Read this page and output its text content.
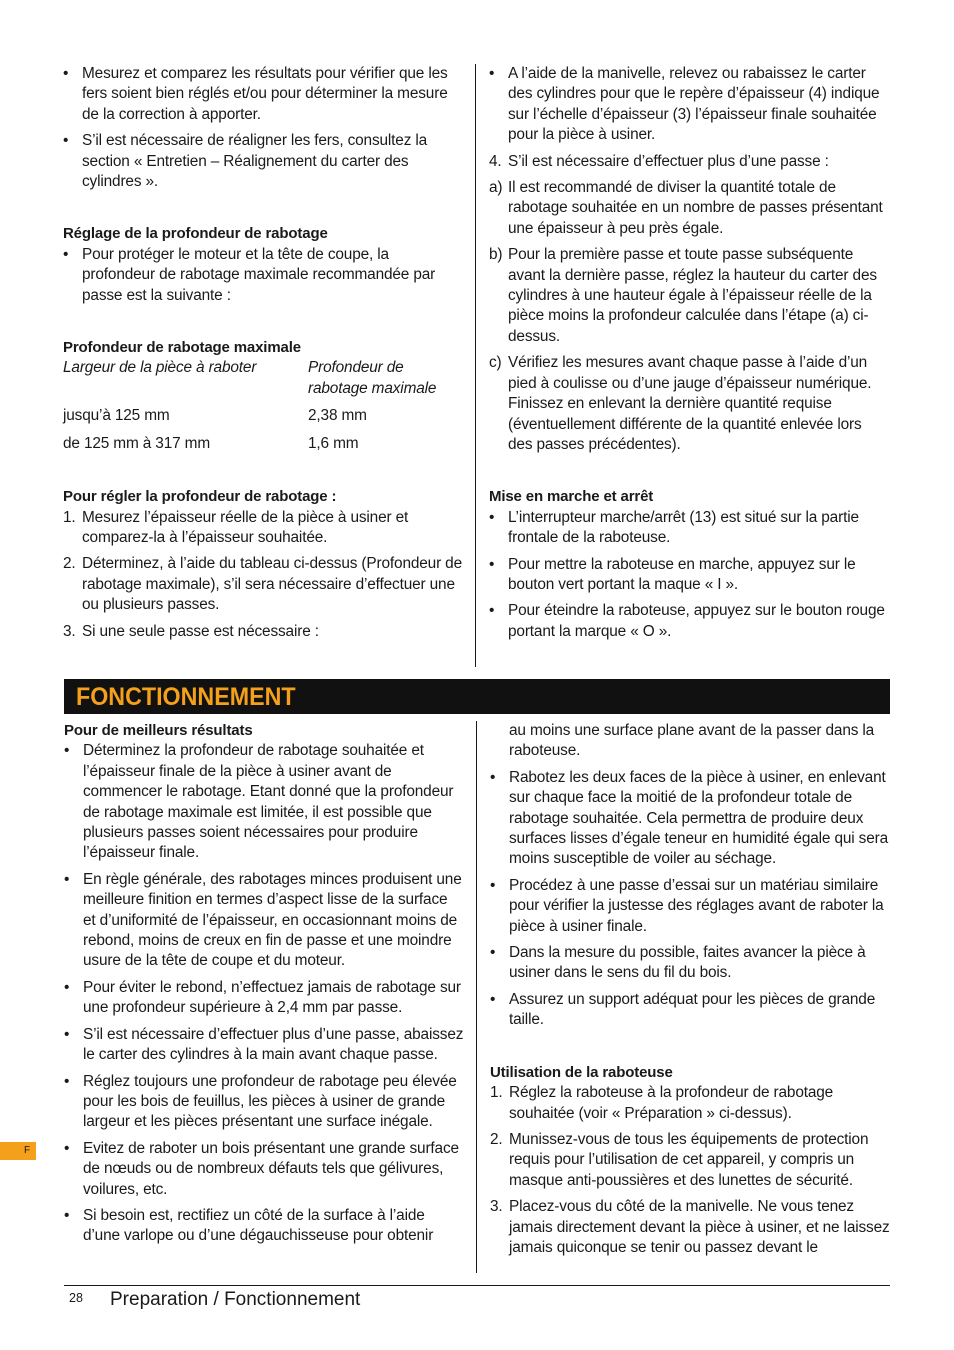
• Mesurez et comparez les résultats pour vérifier que les fers soient bien réglés et/ou pour déterminer la mesure de la correction à apporter.

• S’il est nécessaire de réaligner les fers, consultez la section « Entretien – Réalignement du carter des cylindres ».

Réglage de la profondeur de rabotage

• Pour protéger le moteur et la tête de coupe, la profondeur de rabotage maximale recommandée par passe est la suivante :

Profondeur de rabotage maximale

Largeur de la pièce à raboter	Profondeur de rabotage maximale
jusqu’à 125 mm	2,38 mm
de 125 mm à 317 mm	1,6 mm

Pour régler la profondeur de rabotage :

1. Mesurez l’épaisseur réelle de la pièce à usiner et comparez-la à l’épaisseur souhaitée.

2. Déterminez, à l’aide du tableau ci-dessus (Profondeur de rabotage maximale), s’il sera nécessaire d’effectuer une ou plusieurs passes.

3. Si une seule passe est nécessaire :

• A l’aide de la manivelle, relevez ou rabaissez le carter des cylindres pour que le repère d’épaisseur (4) indique sur l’échelle d’épaisseur (3) l’épaisseur finale souhaitée pour la pièce à usiner.

4. S’il est nécessaire d’effectuer plus d’une passe :

a) Il est recommandé de diviser la quantité totale de rabotage souhaitée en un nombre de passes présentant une épaisseur à peu près égale.

b) Pour la première passe et toute passe subséquente avant la dernière passe, réglez la hauteur du carter des cylindres à une hauteur égale à l’épaisseur réelle de la pièce moins la profondeur calculée dans l’étape (a) ci-dessus.

c) Vérifiez les mesures avant chaque passe à l’aide d’un pied à coulisse ou d’une jauge d’épaisseur numérique. Finissez en enlevant la dernière quantité requise (éventuellement différente de la quantité enlevée lors des passes précédentes).

Mise en marche et arrêt

• L’interrupteur marche/arrêt (13) est situé sur la partie frontale de la raboteuse.

• Pour mettre la raboteuse en marche, appuyez sur le bouton vert portant la maque « I ».

• Pour éteindre la raboteuse, appuyez sur le bouton rouge portant la marque « O ».

FONCTIONNEMENT

Pour de meilleurs résultats

• Déterminez la profondeur de rabotage souhaitée et l’épaisseur finale de la pièce à usiner avant de commencer le rabotage. Etant donné que la profondeur de rabotage maximale est limitée, il est possible que plusieurs passes soient nécessaires pour produire l’épaisseur finale.

• En règle générale, des rabotages minces produisent une meilleure finition en termes d’aspect lisse de la surface et d’uniformité de l’épaisseur, en occasionnant moins de rebond, moins de creux en fin de passe et une moindre usure de la tête de coupe et du moteur.

• Pour éviter le rebond, n’effectuez jamais de rabotage sur une profondeur supérieure à 2,4 mm par passe.

• S’il est nécessaire d’effectuer plus d’une passe, abaissez le carter des cylindres à la main avant chaque passe.

• Réglez toujours une profondeur de rabotage peu élevée pour les bois de feuillus, les pièces à usiner de grande largeur et les pièces présentant une surface inégale.

• Evitez de raboter un bois présentant une grande surface de nœuds ou de nombreux défauts tels que gélivures, voilures, etc.

• Si besoin est, rectifiez un côté de la surface à l’aide d’une varlope ou d’une dégauchisseuse pour obtenir

au moins une surface plane avant de la passer dans la raboteuse.

• Rabotez les deux faces de la pièce à usiner, en enlevant sur chaque face la moitié de la profondeur totale de rabotage souhaitée. Cela permettra de produire deux surfaces lisses d’égale teneur en humidité égale qui sera moins susceptible de voiler au séchage.

• Procédez à une passe d’essai sur un matériau similaire pour vérifier la justesse des réglages avant de raboter la pièce à usiner finale.

• Dans la mesure du possible, faites avancer la pièce à usiner dans le sens du fil du bois.

• Assurez un support adéquat pour les pièces de grande taille.

Utilisation de la raboteuse

1. Réglez la raboteuse à la profondeur de rabotage souhaitée (voir « Préparation » ci-dessus).

2. Munissez-vous de tous les équipements de protection requis pour l’utilisation de cet appareil, y compris un masque anti-poussières et des lunettes de sécurité.

3. Placez-vous du côté de la manivelle. Ne vous tenez jamais directement devant la pièce à usiner, et ne laissez jamais quiconque se tenir ou passez devant le

F
28 Preparation / Fonctionnement
